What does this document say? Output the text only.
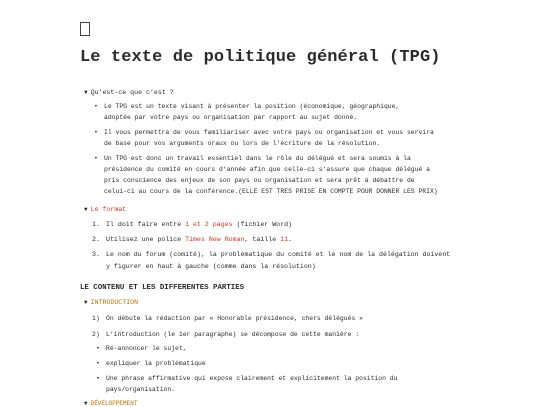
Le texte de politique général (TPG)
▼ Qu’est-ce que c’est ?
• Le TPG est un texte visant à présenter la position (économique, géographique,
adoptée par votre pays ou organisation par rapport au sujet donné.
• Il vous permettra de vous familiariser avec votre pays ou organisation et vous servira
de base pour vos arguments oraux ou lors de l’écriture de la résolution.
• Un TPG est donc un travail essentiel dans le rôle du délégué et sera soumis à la
présidence du comité en cours d’année afin que celle-ci s’assure que chaque délégué a
pris conscience des enjeux de son pays ou organisation et sera prêt à débattre de
celui-ci au cours de la conférence.(ELLE EST TRES PRISE EN COMPTE POUR DONNER LES PRIX)
▼ Le format
1. Il doit faire entre 1 et 2 pages (fichier Word)
2. Utilisez une police Times New Roman, taille 11.
3. Le nom du forum (comité), la problématique du comité et le nom de la délégation doivent
y figurer en haut à gauche (comme dans la résolution)
LE CONTENU ET LES DIFFERENTES PARTIES
▼ INTRODUCTION
1) On débute la rédaction par « Honorable présidence, chers délégués »
2) L’introduction (le 1er paragraphe) se décompose de cette manière :
• Ré-annoncer le sujet,
• expliquer la problématique
• Une phrase affirmative qui expose clairement et explicitement la position du
pays/organisation.
▼ DÉVELOPPEMENT
